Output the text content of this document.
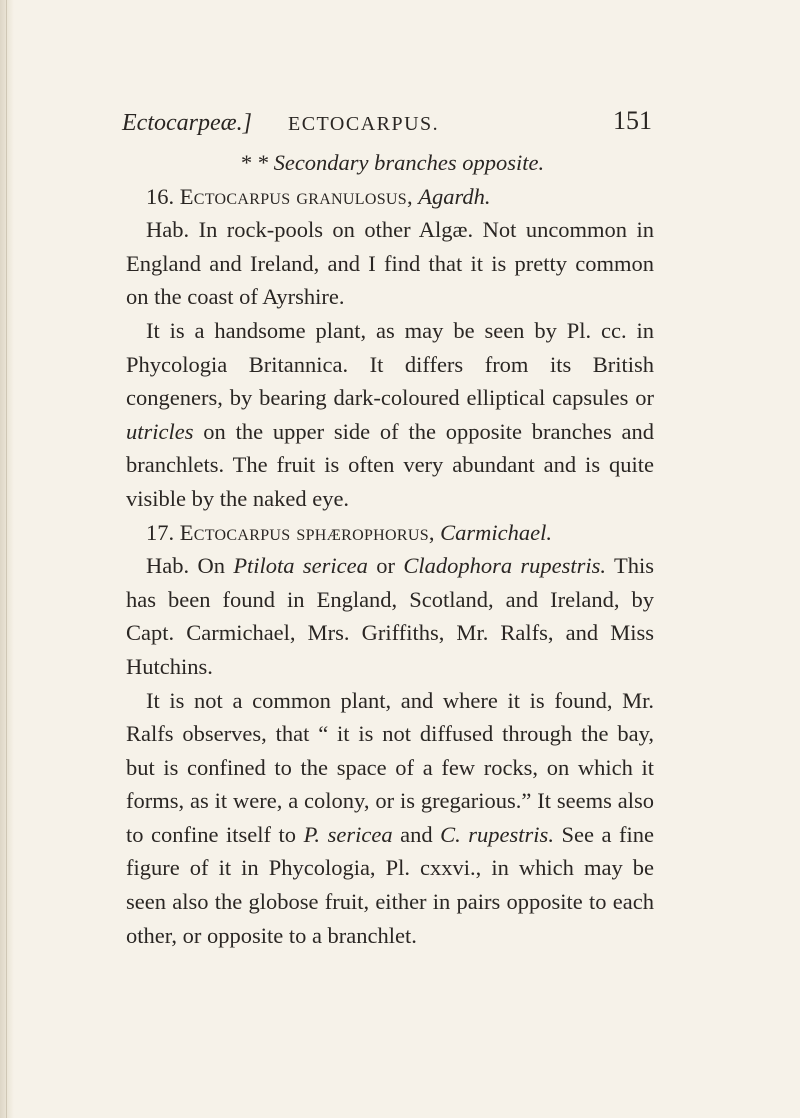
Ectocarpeæ.] ECTOCARPUS.	151

* * Secondary branches opposite.

16. Ectocarpus granulosus, Agardh.

Hab. In rock-pools on other Algæ. Not uncommon in England and Ireland, and I find that it is pretty common on the coast of Ayrshire.

It is a handsome plant, as may be seen by Pl. cc. in Phycologia Britannica. It differs from its British congeners, by bearing dark-coloured elliptical capsules or utricles on the upper side of the opposite branches and branchlets. The fruit is often very abundant and is quite visible by the naked eye.

17. Ectocarpus sphærophorus, Carmichael.

Hab. On Ptilota sericea or Cladophora rupestris. This has been found in England, Scotland, and Ireland, by Capt. Carmichael, Mrs. Griffiths, Mr. Ralfs, and Miss Hutchins.

It is not a common plant, and where it is found, Mr. Ralfs observes, that “ it is not diffused through the bay, but is confined to the space of a few rocks, on which it forms, as it were, a colony, or is gregarious.” It seems also to confine itself to P. sericea and C. rupestris. See a fine figure of it in Phycologia, Pl. cxxvi., in which may be seen also the globose fruit, either in pairs opposite to each other, or opposite to a branchlet.
